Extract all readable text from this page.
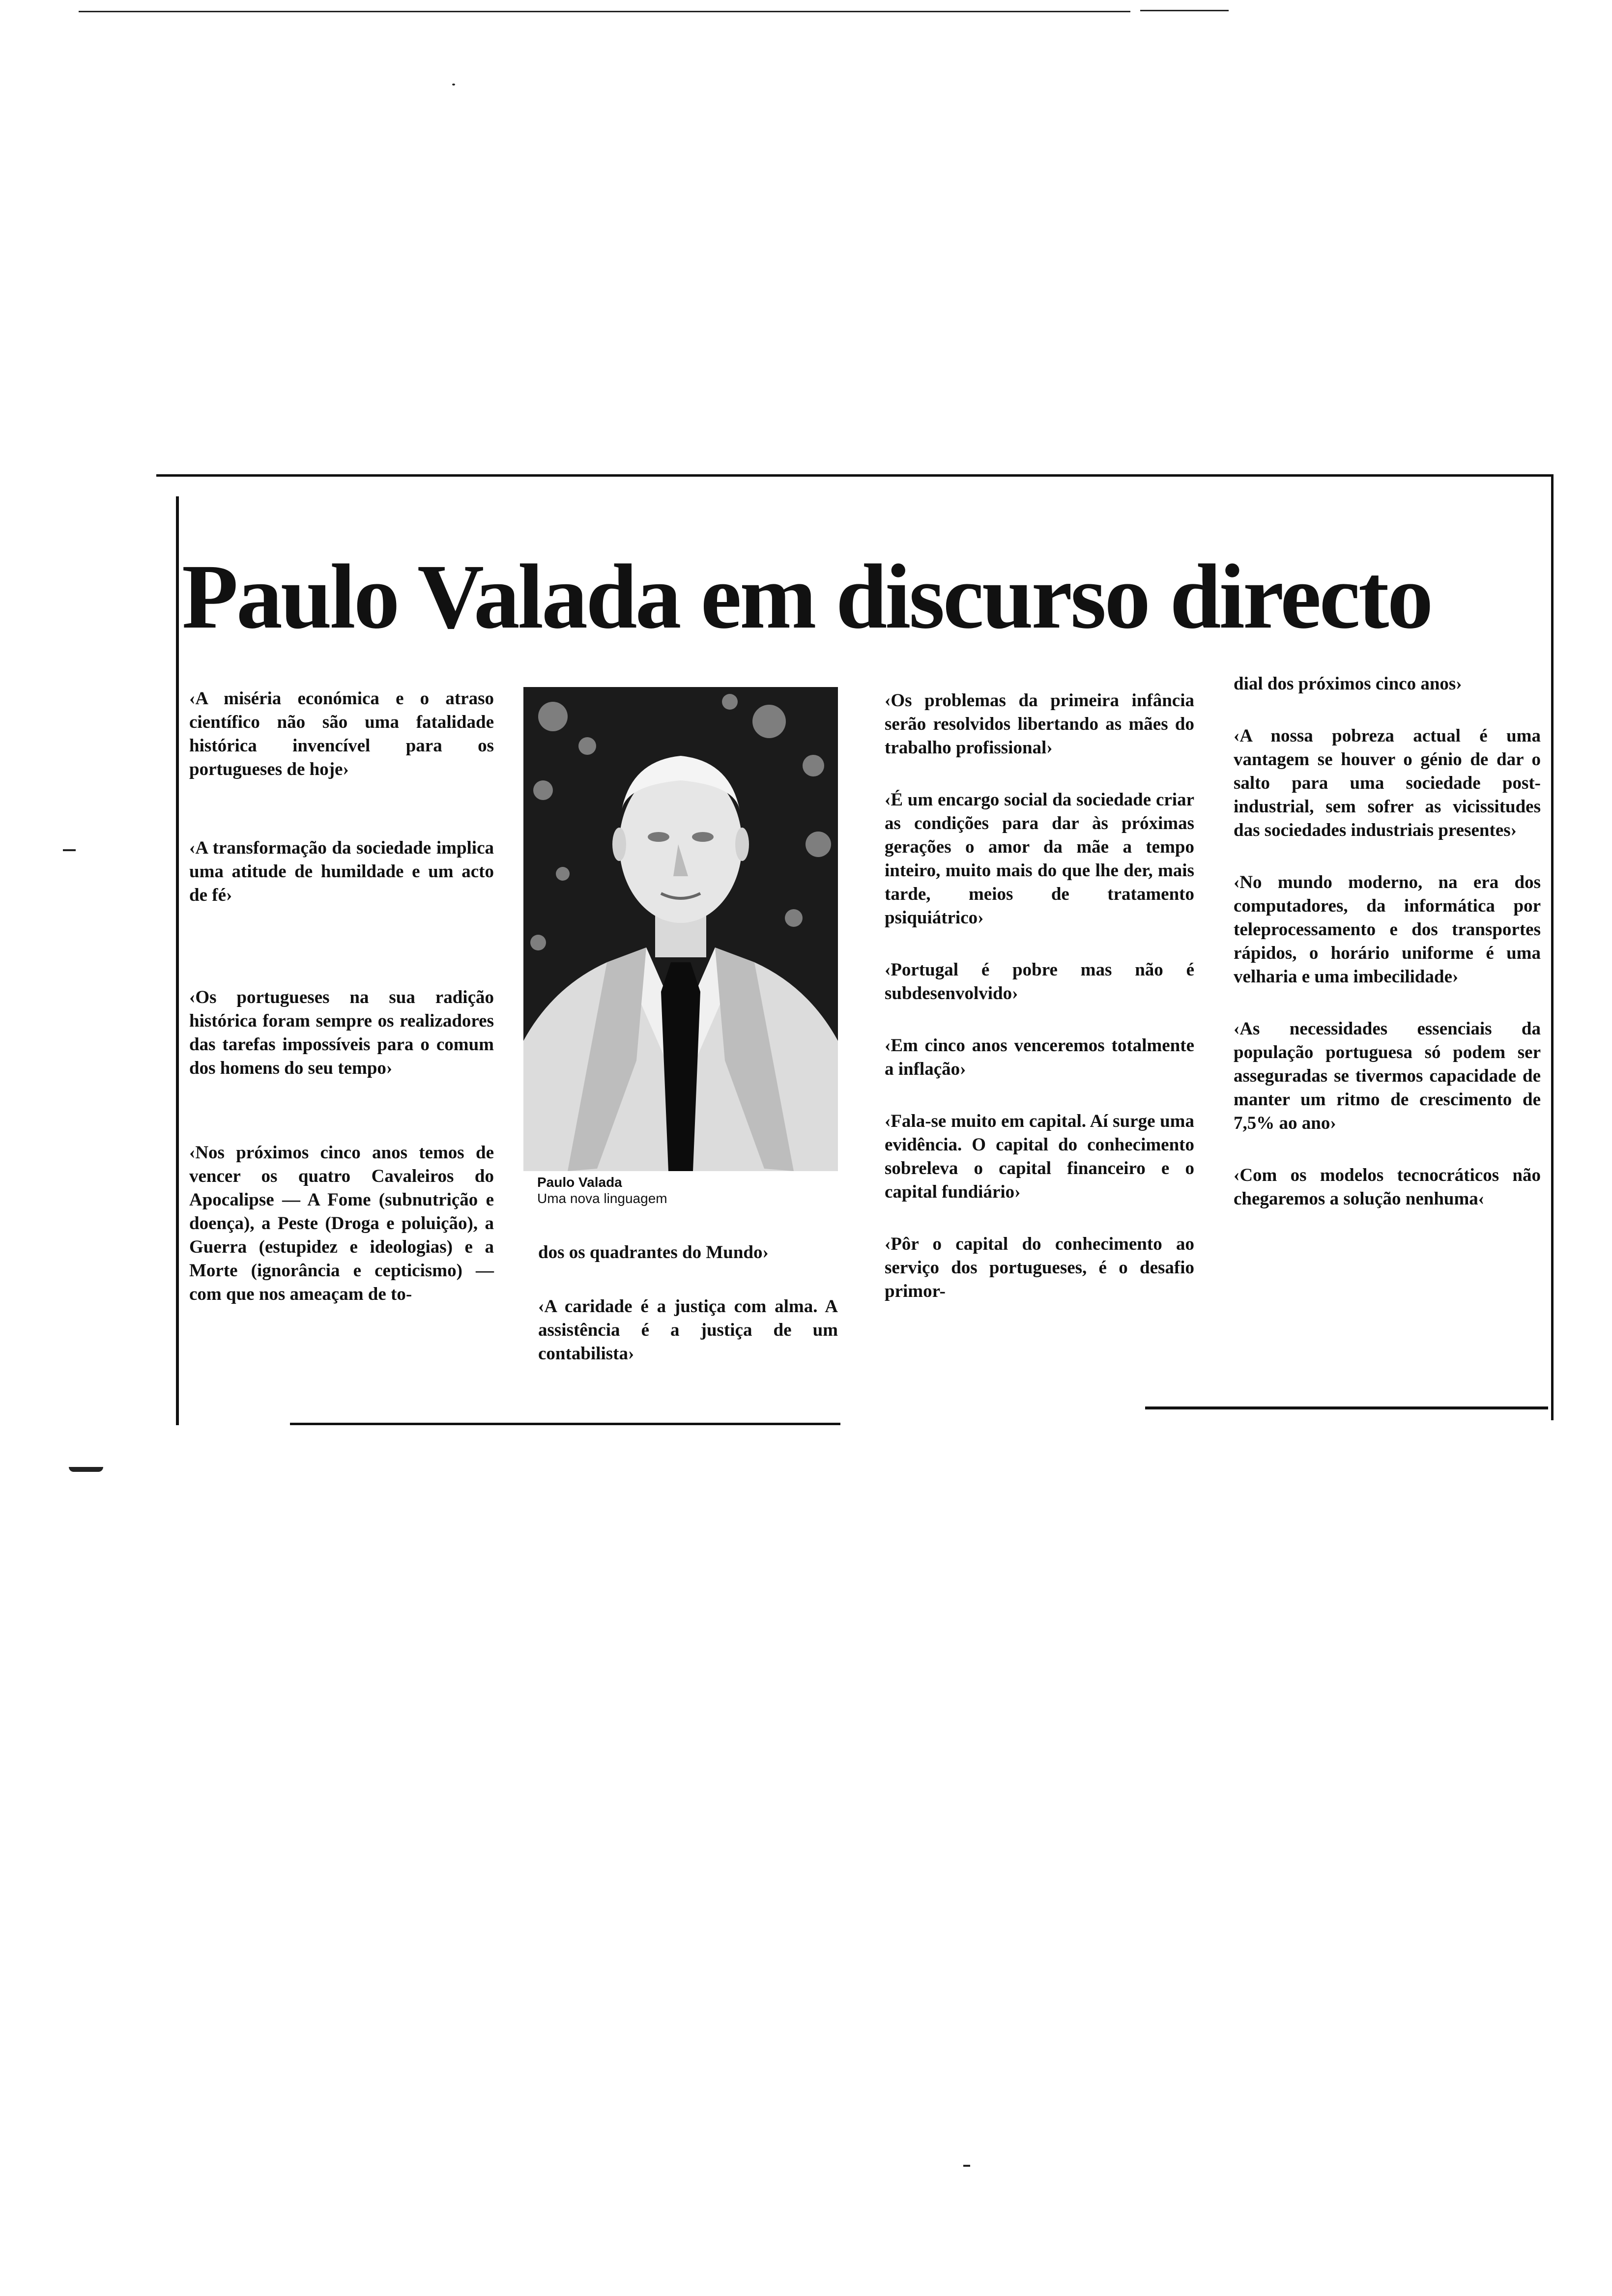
Paulo Valada em discurso directo

‹A miséria económica e o atraso científico não são uma fatalidade histórica invencível para os portugueses de hoje›

‹A transformação da sociedade implica uma atitude de humildade e um acto de fé›

‹Os portugueses na sua radição histórica foram sempre os realizadores das tarefas impossíveis para o comum dos homens do seu tempo›

‹Nos próximos cinco anos temos de vencer os quatro Cavaleiros do Apocalipse — A Fome (subnutrição e doença), a Peste (Droga e poluição), a Guerra (estupidez e ideologias) e a Morte (ignorância e cepticismo) — com que nos ameaçam de to-

Paulo Valada
Uma nova linguagem

dos os quadrantes do Mundo›

‹A caridade é a justiça com alma. A assistência é a justiça de um contabilista›

‹Os problemas da primeira infância serão resolvidos libertando as mães do trabalho profissional›

‹É um encargo social da sociedade criar as condições para dar às próximas gerações o amor da mãe a tempo inteiro, muito mais do que lhe der, mais tarde, meios de tratamento psiquiátrico›

‹Portugal é pobre mas não é subdesenvolvido›

‹Em cinco anos venceremos totalmente a inflação›

‹Fala-se muito em capital. Aí surge uma evidência. O capital do conhecimento sobreleva o capital financeiro e o capital fundiário›

‹Pôr o capital do conhecimento ao serviço dos portugueses, é o desafio primor-

dial dos próximos cinco anos›

‹A nossa pobreza actual é uma vantagem se houver o génio de dar o salto para uma sociedade post-industrial, sem sofrer as vicissitudes das sociedades industriais presentes›

‹No mundo moderno, na era dos computadores, da informática por teleprocessamento e dos transportes rápidos, o horário uniforme é uma velharia e uma imbecilidade›

‹As necessidades essenciais da população portuguesa só podem ser asseguradas se tivermos capacidade de manter um ritmo de crescimento de 7,5% ao ano›

‹Com os modelos tecnocráticos não chegaremos a solução nenhuma‹
